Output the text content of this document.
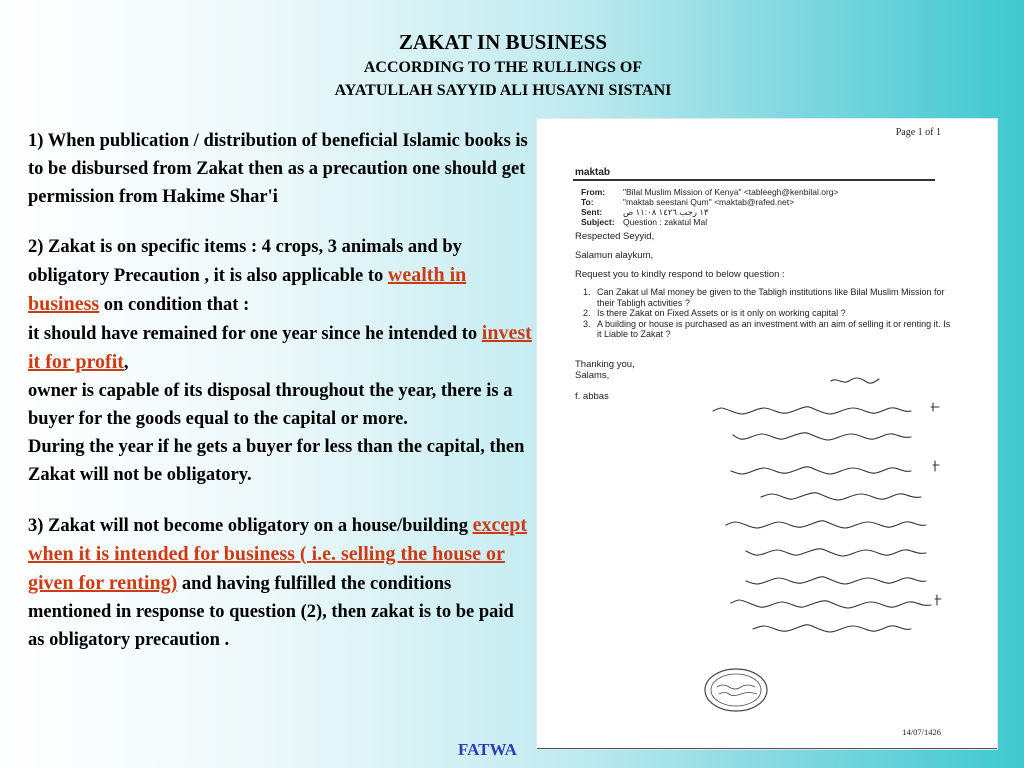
ZAKAT IN BUSINESS
ACCORDING TO THE RULLINGS OF
AYATULLAH SAYYID ALI HUSAYNI SISTANI

1) When publication / distribution of beneficial Islamic books is to be disbursed from Zakat then as a precaution one should get permission from Hakime Shar'i

2) Zakat is on specific items : 4 crops, 3 animals and by obligatory Precaution , it is also applicable to wealth in business on condition that :
it should have remained for one year since he intended to invest it for profit,
owner is capable of its disposal throughout the year, there is a buyer for the goods equal to the capital or more.
During the year if he gets a buyer for less than the capital, then Zakat will not be obligatory.

3) Zakat will not become obligatory on a house/building except when it is intended for business ( i.e. selling the house or given for renting) and having fulfilled the conditions mentioned in response to question (2), then zakat is to be paid as obligatory precaution .

Page 1 of 1
maktab
From:	"Bilal Muslim Mission of Kenya" <tableegh@kenbilal.org>
To:	"maktab seestani Qum" <maktab@rafed.net>
Sent:	١٣ رجب ١٤٢٦ ١١:٠٨ ص
Subject: Question : zakatul Mal
Respected Seyyid,
Salamun alaykum,
Request you to kindly respond to below question :
1. Can Zakat ul Mal money be given to the Tabligh institutions like Bilal Muslim Mission for their Tabligh activities ?
2. Is there Zakat on Fixed Assets or is it only on working capital ?
3. A building or house is purchased as an investment with an aim of selling it or renting it. Is it Liable to Zakat ?
Thanking you,
Salams,
f. abbas
14/07/1426
FATWA
